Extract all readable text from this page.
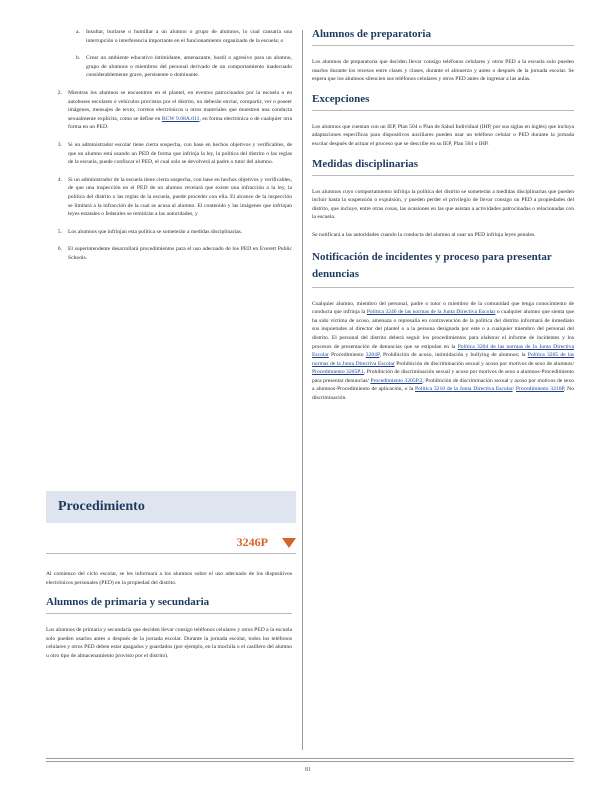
a.	Insultar, burlarse o humillar a un alumno o grupo de alumnos, lo cual causaría una interrupción o interferencia importante en el funcionamiento organizado de la escuela; o
b.	Crear un ambiente educativo intimidante, amenazante, hostil o agresivo para un alumno, grupo de alumnos o miembros del personal derivado de un comportamiento inadecuado considerablemente grave, persistente o dominante.
2.	Mientras los alumnos se encuentren en el plantel, en eventos patrocinados por la escuela o en autobuses escolares o vehículos provistos por el distrito, no deberán enviar, compartir, ver o poseer imágenes, mensajes de texto, correos electrónicos u otros materiales que muestren una conducta sexualmente explícita, como se define en RCW 9.68A.011, en forma electrónica o de cualquier otra forma en un PED.
3.	Si un administrador escolar tiene cierta sospecha, con base en hechos objetivos y verificables, de que un alumno está usando un PED de forma que infrinja la ley, la política del distrito o las reglas de la escuela, puede confiscar el PED, el cual solo se devolverá al padre o tutor del alumno.
4.	Si un administrador de la escuela tiene cierta sospecha, con base en hechos objetivos y verificables, de que una inspección en el PED de un alumno revelará que existe una infracción a la ley, la política del distrito o las reglas de la escuela, puede proceder con ella. El alcance de la inspección se limitará a la infracción de la cual se acusa al alumno. El contenido y las imágenes que infrinjan leyes estatales o federales se remitirán a las autoridades, y
5.	Los alumnos que infrinjan esta política se someterán a medidas disciplinarias.
6.	El superintendente desarrollará procedimientos para el uso adecuado de los PED en Everett Public Schools.
Procedimiento
3246P

Al comienzo del ciclo escolar, se les informará a los alumnos sobre el uso adecuado de los dispositivos electrónicos personales (PED) en la propiedad del distrito.

Alumnos de primaria y secundaria

Los alumnos de primaria y secundaria que deciden llevar consigo teléfonos celulares y otros PED a la escuela solo pueden usarlos antes o después de la jornada escolar. Durante la jornada escolar, todos los teléfonos celulares y otros PED deben estar apagados y guardados (por ejemplo, en la mochila o el casillero del alumno u otro tipo de almacenamiento provisto por el distrito).

Alumnos de preparatoria

Los alumnos de preparatoria que deciden llevar consigo teléfonos celulares y otros PED a la escuela solo pueden usarlos durante los recesos entre clases y clases, durante el almuerzo y antes o después de la jornada escolar. Se espera que los alumnos silencien sus teléfonos celulares y otros PED antes de ingresar a las aulas.

Excepciones

Los alumnos que cuentan con un IEP, Plan 504 o Plan de Salud Individual (IHP, por sus siglas en inglés) que incluya adaptaciones específicas para dispositivos auxiliares pueden usar un teléfono celular o PED durante la jornada escolar después de actuar el proceso que se describe en su IEP, Plan 504 o IHP.

Medidas disciplinarias

Los alumnos cuyo comportamiento infrinja la política del distrito se someterán a medidas disciplinarias que pueden incluir hasta la suspensión o expulsión, y pueden perder el privilegio de llevar consigo un PED a propiedades del distrito, que incluye, entre otras cosas, las ocasiones en las que asistan a actividades patrocinadas o relacionadas con la escuela.

Se notificará a las autoridades cuando la conducta del alumno al usar un PED infrinja leyes penales.

Notificación de incidentes y proceso para presentar denuncias

Cualquier alumno, miembro del personal, padre o tutor o miembro de la comunidad que tenga conocimiento de conducta que infrinja la Política 3246 de las normas de la Junta Directiva Escolar o cualquier alumno que sienta que ha sido víctima de acoso, amenaza o represalia en contravención de la política del distrito informará de inmediato sus inquietudes al director del plantel o a la persona designada por este o a cualquier miembro del personal del distrito. El personal del distrito deberá seguir los procedimientos para elaborar el informe de incidentes y los procesos de presentación de denuncias que se estipulan en la Política 3204 de las normas de la Junta Directiva Escolar Procedimiento 3204P, Prohibición de acoso, intimidación y bullying de alumnos; la Política 3205 de las normas de la Junta Directiva Escolar Prohibición de discriminación sexual y acoso por motivos de sexo de alumnos/ Procedimiento 3205P.1, Prohibición de discriminación sexual y acoso por motivos de sexo a alumnos-Procedimiento para presentar denuncias/ Procedimiento 3205P.2, Prohibición de discriminación sexual y acoso por motivos de sexo a alumnos-Procedimiento de aplicación, o la Política 3210 de la Junta Directiva Escolar/ Procedimiento 3210P, No discriminación.

81
